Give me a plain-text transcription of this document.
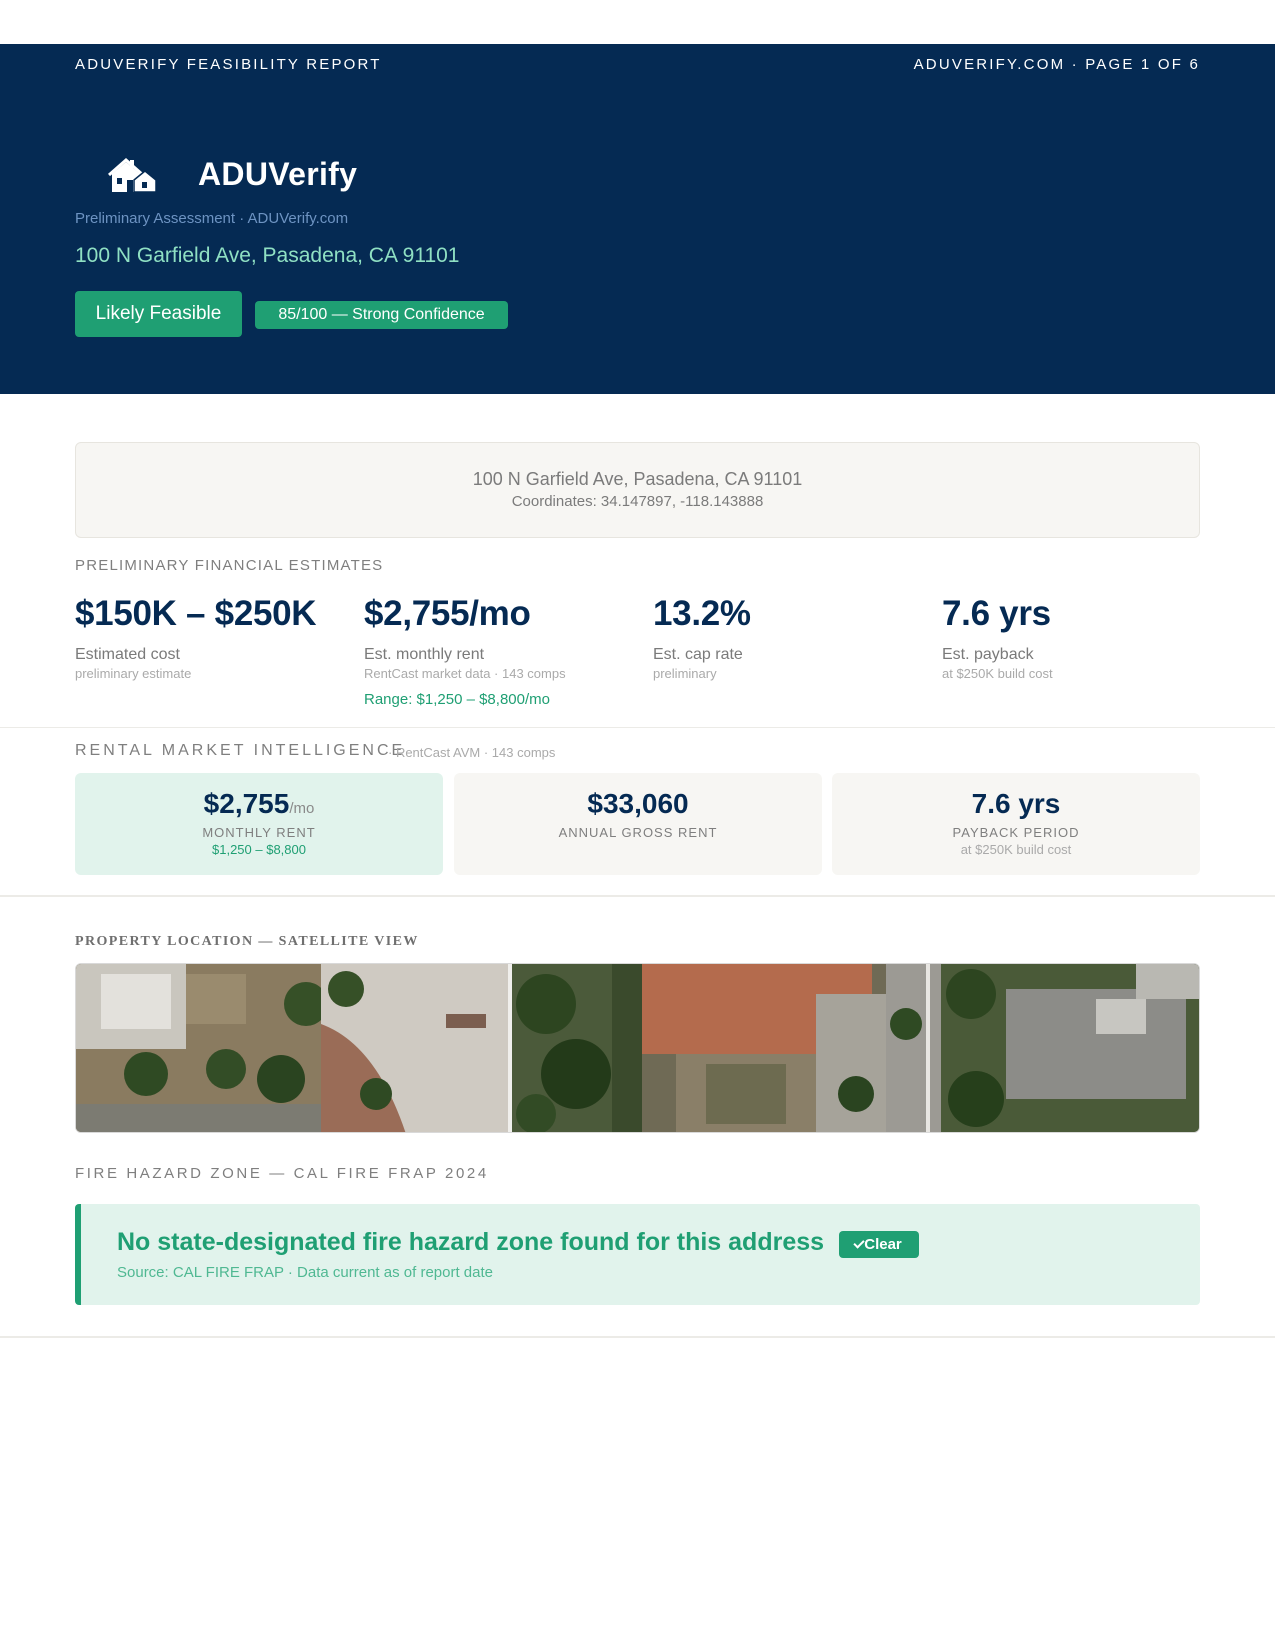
ADUVERIFY FEASIBILITY REPORT	ADUVERIFY.COM · PAGE 1 OF 6
ADUVerify
Preliminary Assessment · ADUVerify.com
100 N Garfield Ave, Pasadena, CA 91101
Likely Feasible	85/100 — Strong Confidence
100 N Garfield Ave, Pasadena, CA 91101
Coordinates: 34.147897, -118.143888
PRELIMINARY FINANCIAL ESTIMATES
$150K – $250K
Estimated cost
preliminary estimate
$2,755/mo
Est. monthly rent
RentCast market data · 143 comps
Range: $1,250 – $8,800/mo
13.2%
Est. cap rate
preliminary
7.6 yrs
Est. payback
at $250K build cost
RENTAL MARKET INTELLIGENCE
· RentCast AVM · 143 comps
$2,755/mo
MONTHLY RENT
$1,250 – $8,800
$33,060
ANNUAL GROSS RENT
7.6 yrs
PAYBACK PERIOD
at $250K build cost
PROPERTY LOCATION — SATELLITE VIEW
FIRE HAZARD ZONE — CAL FIRE FRAP 2024
No state-designated fire hazard zone found for this address	Clear
Source: CAL FIRE FRAP · Data current as of report date
